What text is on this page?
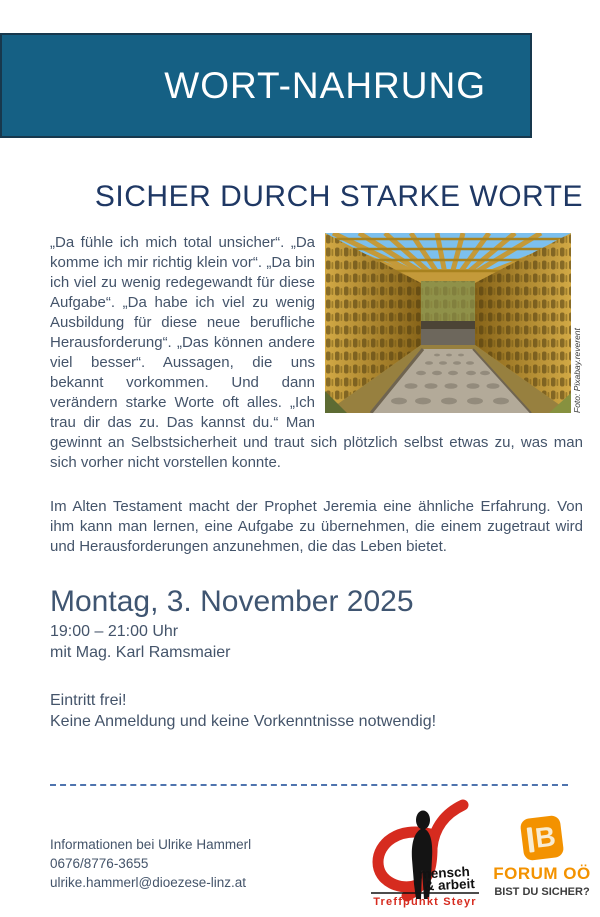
WORT-NAHRUNG
SICHER DURCH STARKE WORTE
Foto: Pixabay.reverent

„Da fühle ich mich total unsicher“. „Da komme ich mir richtig klein vor“. „Da bin ich viel zu wenig redegewandt für diese Aufgabe“. „Da habe ich viel zu wenig Ausbildung für diese neue berufliche Herausforderung“. „Das können andere viel besser“. Aussagen, die uns bekannt vorkommen. Und dann verändern starke Worte oft alles. „Ich trau dir das zu. Das kannst du.“ Man gewinnt an Selbstsicherheit und traut sich plötzlich selbst etwas zu, was man sich vorher nicht vorstellen konnte.

Im Alten Testament macht der Prophet Jeremia eine ähnliche Erfahrung. Von ihm kann man lernen, eine Aufgabe zu übernehmen, die einem zugetraut wird und Herausforderungen anzunehmen, die das Leben bietet.

Montag, 3. November 2025
19:00 – 21:00 Uhr
mit Mag. Karl Ramsmaier
Eintritt frei!
Keine Anmeldung und keine Vorkenntnisse notwendig!
Informationen bei Ulrike Hammerl
0676/8776-3655
ulrike.hammerl@dioezese-linz.at
mensch
& arbeit
Treffpunkt Steyr
B
FORUM OÖ
BIST DU SICHER?
